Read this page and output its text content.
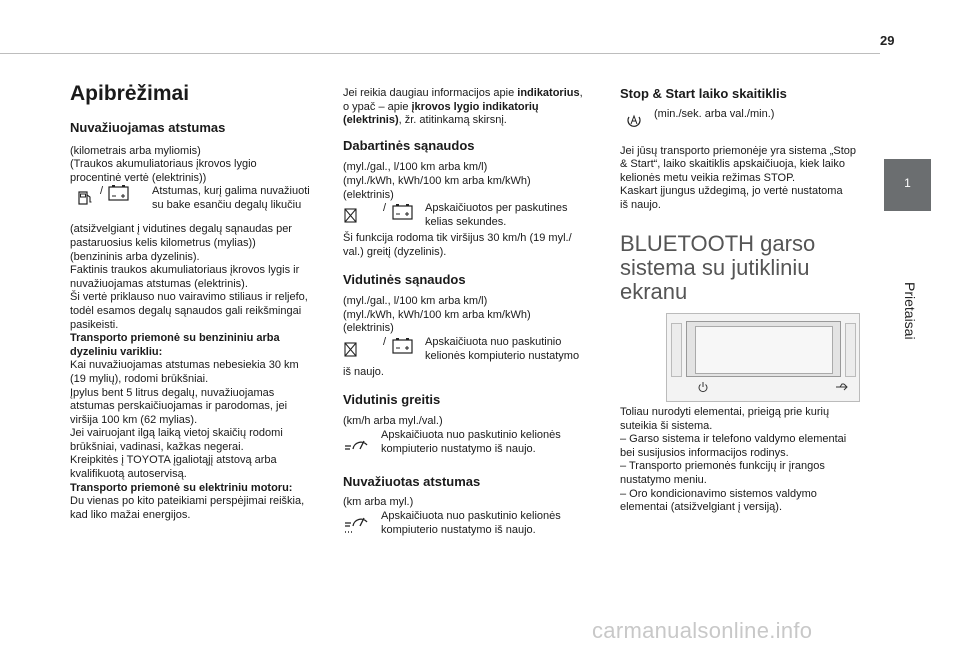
29
1
Prietaisai
Apibrėžimai
Nuvažiuojamas atstumas

(kilometrais arba myliomis)

(Traukos akumuliatoriaus įkrovos lygio

procentinė vertė (elektrinis))

/	Atstumas, kurį galima nuvažiuoti
su bake esančiu degalų likučiu

(atsižvelgiant į vidutines degalų sąnaudas per

pastaruosius kelis kilometrus (mylias))

(benzininis arba dyzelinis).

Faktinis traukos akumuliatoriaus įkrovos lygis ir

nuvažiuojamas atstumas (elektrinis).

Ši vertė priklauso nuo vairavimo stiliaus ir reljefo,

todėl esamos degalų sąnaudos gali reikšmingai

pasikeisti.

Transporto priemonė su benzininiu arba

dyzeliniu varikliu:

Kai nuvažiuojamas atstumas nebesiekia 30 km

(19 mylių), rodomi brūkšniai.

Įpylus bent 5 litrus degalų, nuvažiuojamas

atstumas perskaičiuojamas ir parodomas, jei

viršija 100 km (62 mylias).

Jei vairuojant ilgą laiką vietoj skaičių rodomi

brūkšniai, vadinasi, kažkas negerai.

Kreipkitės į TOYOTA įgaliotąjį atstovą arba

kvalifikuotą autoservisą.

Transporto priemonė su elektriniu motoru:

Du vienas po kito pateikiami perspėjimai reiškia,

kad liko mažai energijos.

Jei reikia daugiau informacijos apie indikatorius,

o ypač – apie įkrovos lygio indikatorių

(elektrinis), žr. atitinkamą skirsnį.

Dabartinės sąnaudos

(myl./gal., l/100 km arba km/l)

(myl./kWh, kWh/100 km arba km/kWh)

(elektrinis)

/	Apskaičiuotos per paskutines
kelias sekundes.

Ši funkcija rodoma tik viršijus 30 km/h (19 myl./

val.) greitį (dyzelinis).

Vidutinės sąnaudos

(myl./gal., l/100 km arba km/l)

(myl./kWh, kWh/100 km arba km/kWh)

(elektrinis)

/	Apskaičiuota nuo paskutinio
kelionės kompiuterio nustatymo

iš naujo.

Vidutinis greitis

(km/h arba myl./val.)

Apskaičiuota nuo paskutinio kelionės
kompiuterio nustatymo iš naujo.
Nuvažiuotas atstumas

(km arba myl.)

Apskaičiuota nuo paskutinio kelionės
kompiuterio nustatymo iš naujo.
Stop & Start laiko skaitiklis
(min./sek. arba val./min.)

Jei jūsų transporto priemonėje yra sistema „Stop

& Start“, laiko skaitiklis apskaičiuoja, kiek laiko

kelionės metu veikia režimas STOP.

Kaskart įjungus uždegimą, jo vertė nustatoma

iš naujo.

BLUETOOTH garso
sistema su jutikliniu
ekranu

Toliau nurodyti elementai, prieigą prie kurių

suteikia ši sistema.

– Garso sistema ir telefono valdymo elementai

bei susijusios informacijos rodinys.

– Transporto priemonės funkcijų ir įrangos

nustatymo meniu.

– Oro kondicionavimo sistemos valdymo

elementai (atsižvelgiant į versiją).

carmanualsonline.info
